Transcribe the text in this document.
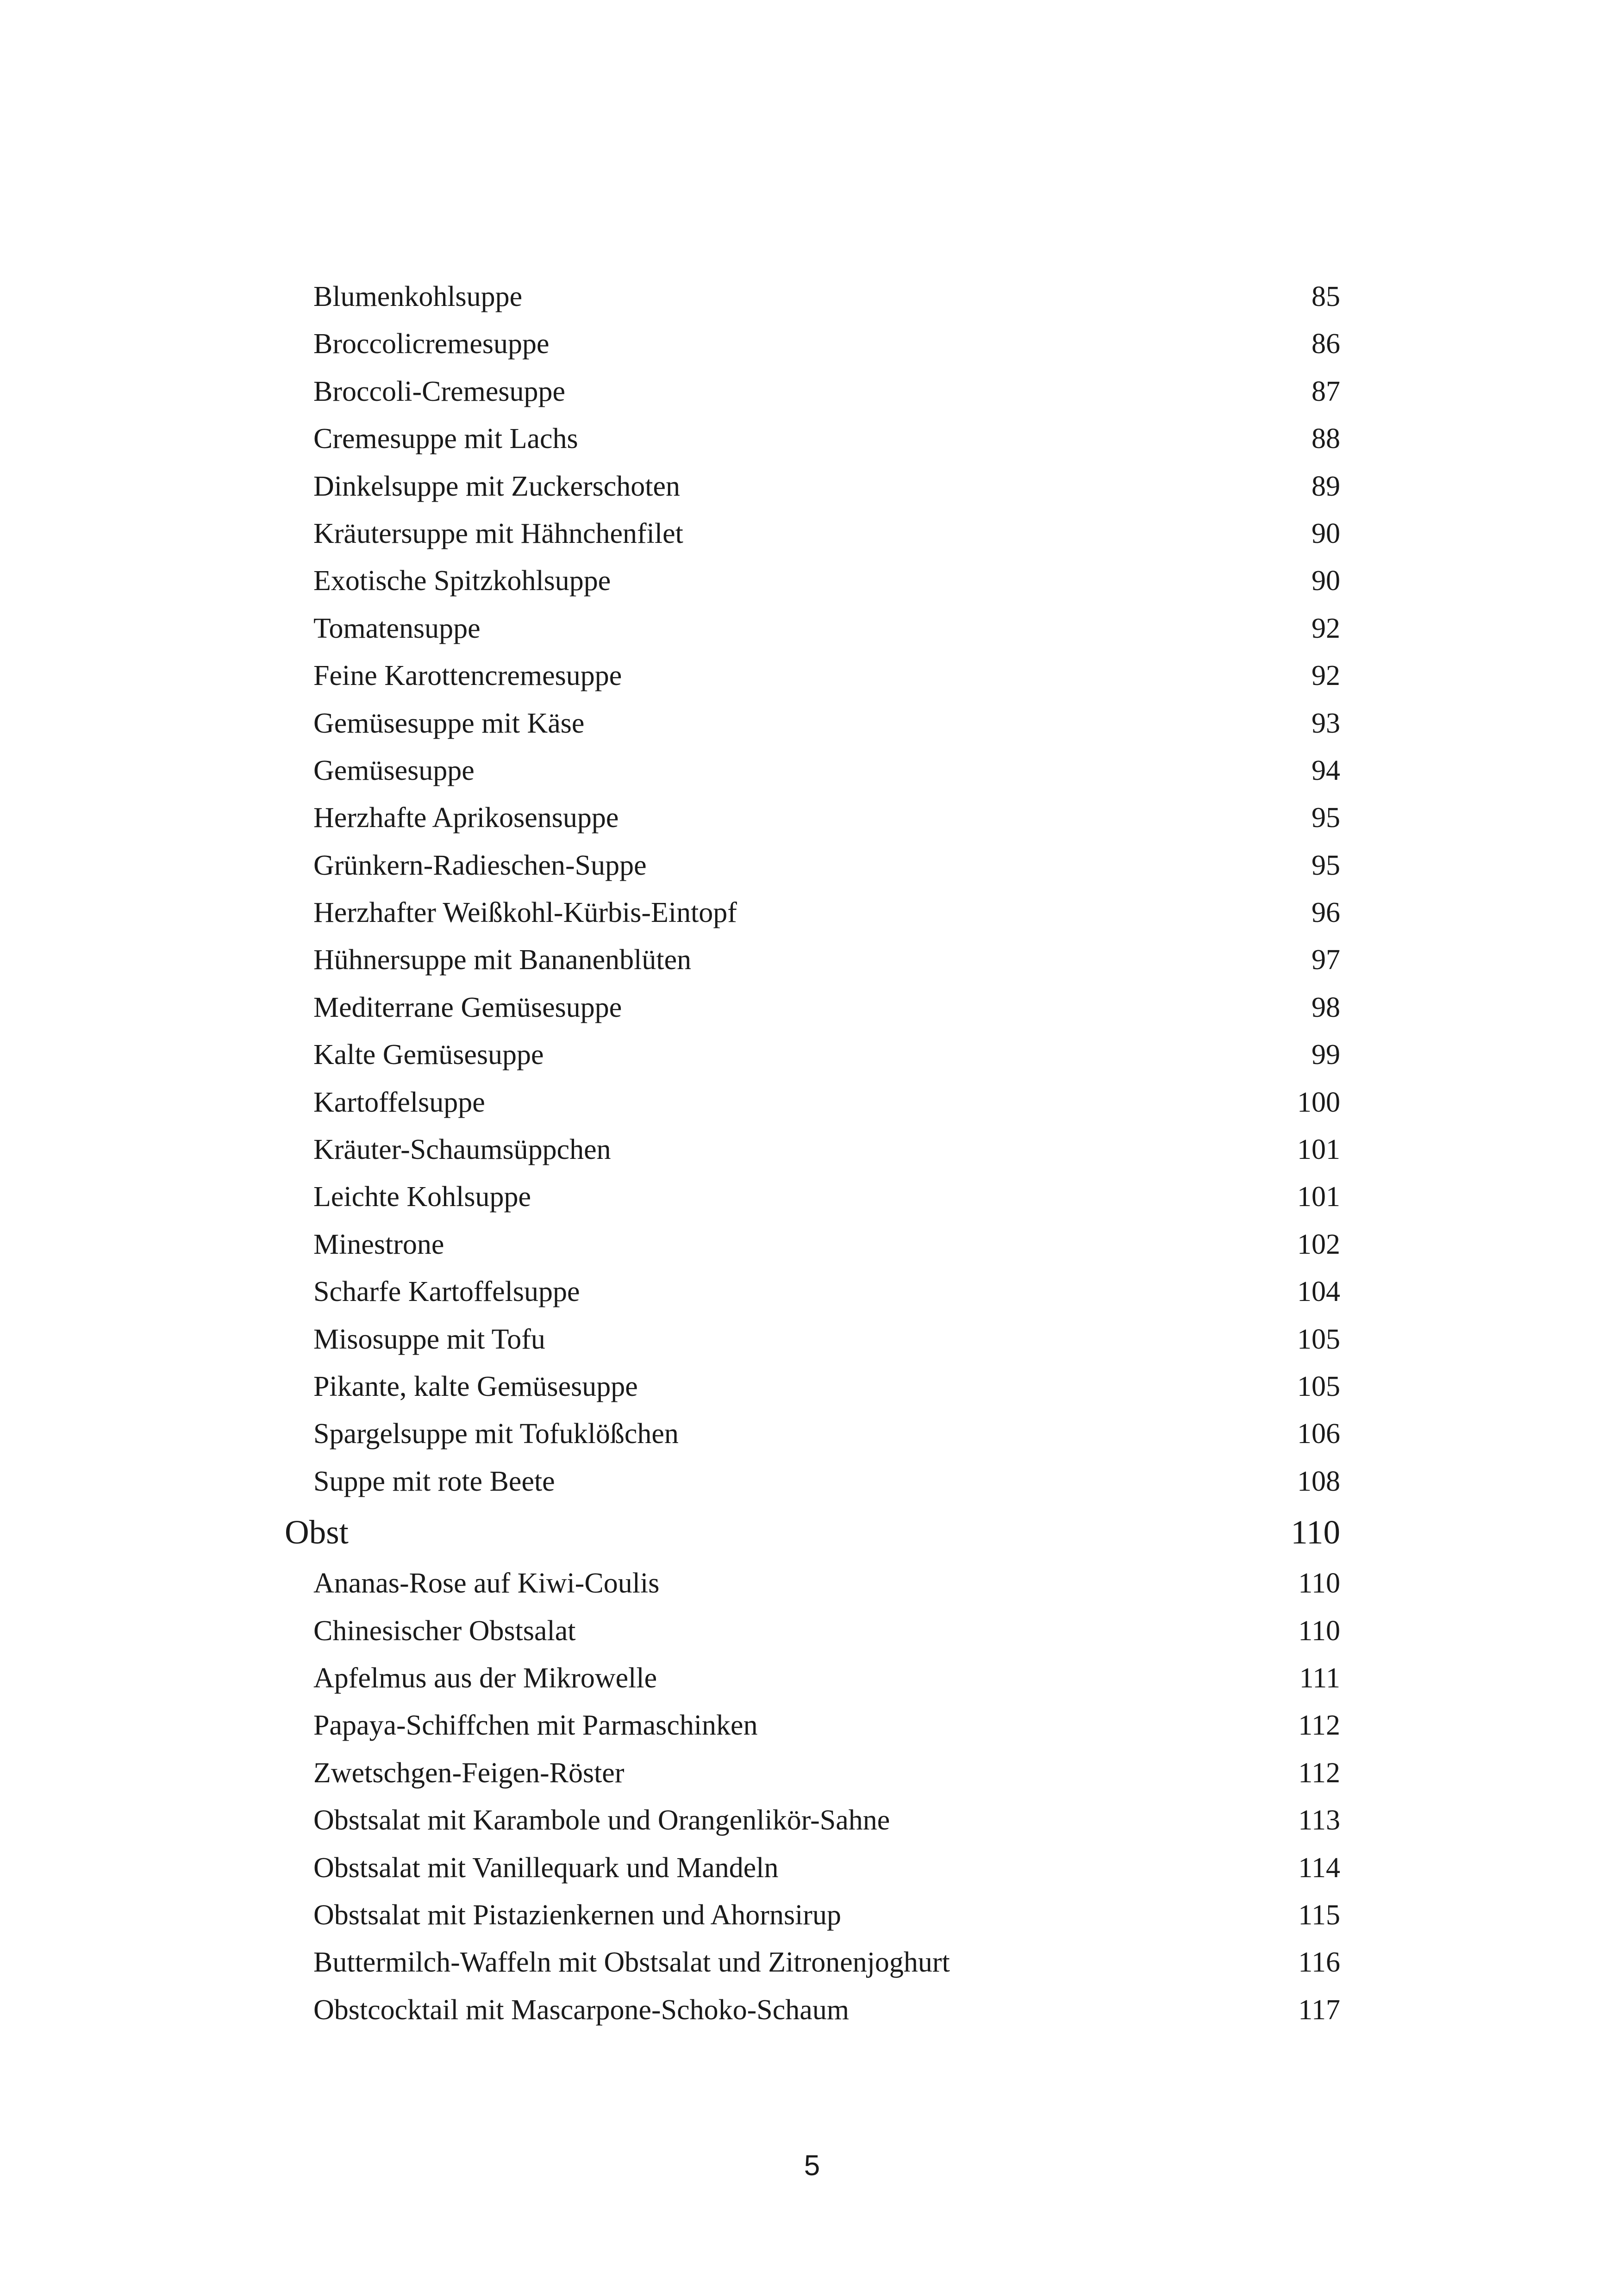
Blumenkohlsuppe	85
Broccolicremesuppe	86
Broccoli-Cremesuppe	87
Cremesuppe mit Lachs	88
Dinkelsuppe mit Zuckerschoten	89
Kräutersuppe mit Hähnchenfilet	90
Exotische Spitzkohlsuppe	90
Tomatensuppe	92
Feine Karottencremesuppe	92
Gemüsesuppe mit Käse	93
Gemüsesuppe	94
Herzhafte Aprikosensuppe	95
Grünkern-Radieschen-Suppe	95
Herzhafter Weißkohl-Kürbis-Eintopf	96
Hühnersuppe mit Bananenblüten	97
Mediterrane Gemüsesuppe	98
Kalte Gemüsesuppe	99
Kartoffelsuppe	100
Kräuter-Schaumsüppchen	101
Leichte Kohlsuppe	101
Minestrone	102
Scharfe Kartoffelsuppe	104
Misosuppe mit Tofu	105
Pikante, kalte Gemüsesuppe	105
Spargelsuppe mit Tofuklößchen	106
Suppe mit rote Beete	108
Obst	110
Ananas-Rose auf Kiwi-Coulis	110
Chinesischer Obstsalat	110
Apfelmus aus der Mikrowelle	111
Papaya-Schiffchen mit Parmaschinken	112
Zwetschgen-Feigen-Röster	112
Obstsalat mit Karambole und Orangenlikör-Sahne	113
Obstsalat mit Vanillequark und Mandeln	114
Obstsalat mit Pistazienkernen und Ahornsirup	115
Buttermilch-Waffeln mit Obstsalat und Zitronenjoghurt	116
Obstcocktail mit Mascarpone-Schoko-Schaum	117
5
